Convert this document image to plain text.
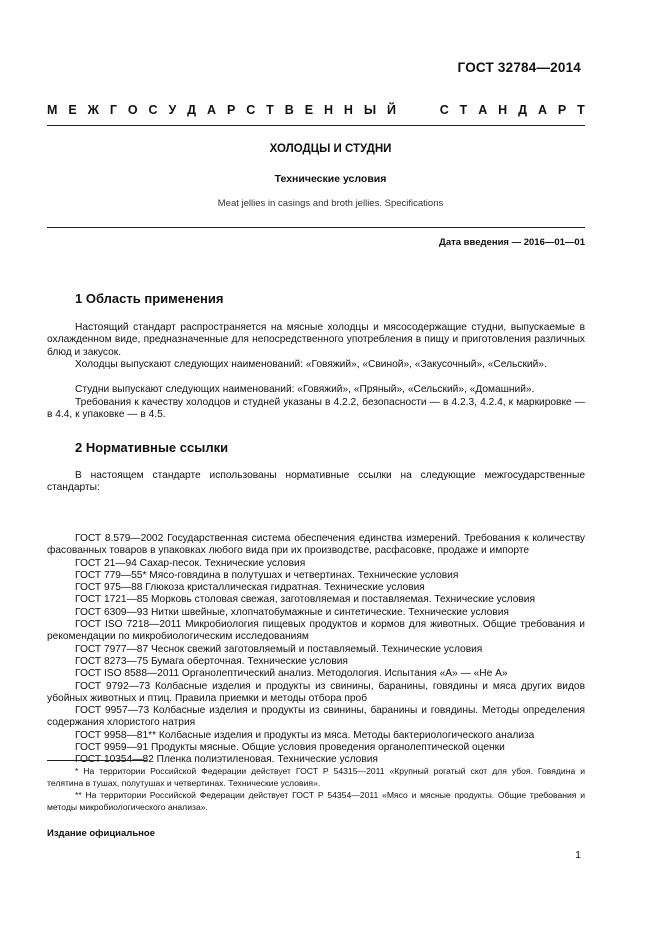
ГОСТ 32784—2014
М Е Ж Г О С У Д А Р С Т В Е Н Н Ы Й	С Т А Н Д А Р Т
ХОЛОДЦЫ И СТУДНИ
Технические условия
Meat jellies in casings and broth jellies. Specifications
Дата введения — 2016—01—01
1 Область применения
Настоящий стандарт распространяется на мясные холодцы и мясосодержащие студни, выпускаемые в охлажденном виде, предназначенные для непосредственного употребления в пищу и приготовления различных блюд и закусок.
Холодцы выпускают следующих наименований: «Говяжий», «Свиной», «Закусочный», «Сельский».
Студни выпускают следующих наименований: «Говяжий», «Пряный», «Сельский», «Домашний».
Требования к качеству холодцов и студней указаны в 4.2.2, безопасности — в 4.2.3, 4.2.4, к маркировке — в 4.4, к упаковке — в 4.5.
2 Нормативные ссылки
В настоящем стандарте использованы нормативные ссылки на следующие межгосударственные стандарты:

ГОСТ 8.579—2002 Государственная система обеспечения единства измерений. Требования к количеству фасованных товаров в упаковках любого вида при их производстве, расфасовке, продаже и импорте

ГОСТ 21—94 Сахар-песок. Технические условия

ГОСТ 779—55* Мясо-говядина в полутушах и четвертинах. Технические условия

ГОСТ 975—88 Глюкоза кристаллическая гидратная. Технические условия

ГОСТ 1721—85 Морковь столовая свежая, заготовляемая и поставляемая. Технические условия

ГОСТ 6309—93 Нитки швейные, хлопчатобумажные и синтетические. Технические условия

ГОСТ ISO 7218—2011 Микробиология пищевых продуктов и кормов для животных. Общие требования и рекомендации по микробиологическим исследованиям

ГОСТ 7977—87 Чеснок свежий заготовляемый и поставляемый. Технические условия

ГОСТ 8273—75 Бумага оберточная. Технические условия

ГОСТ ISO 8588—2011 Органолептический анализ. Методология. Испытания «А» — «Не А»

ГОСТ 9792—73 Колбасные изделия и продукты из свинины, баранины, говядины и мяса других видов убойных животных и птиц. Правила приемки и методы отбора проб

ГОСТ 9957—73 Колбасные изделия и продукты из свинины, баранины и говядины. Методы определения содержания хлористого натрия

ГОСТ 9958—81** Колбасные изделия и продукты из мяса. Методы бактериологического анализа

ГОСТ 9959—91 Продукты мясные. Общие условия проведения органолептической оценки

ГОСТ 10354—82 Пленка полиэтиленовая. Технические условия

* На территории Российской Федерации действует ГОСТ Р 54315—2011 «Крупный рогатый скот для убоя. Говядина и телятина в тушах, полутушах и четвертинах. Технические условия».

** На территории Российской Федерации действует ГОСТ Р 54354—2011 «Мясо и мясные продукты. Общие требования и методы микробиологического анализа».

Издание официальное
1
